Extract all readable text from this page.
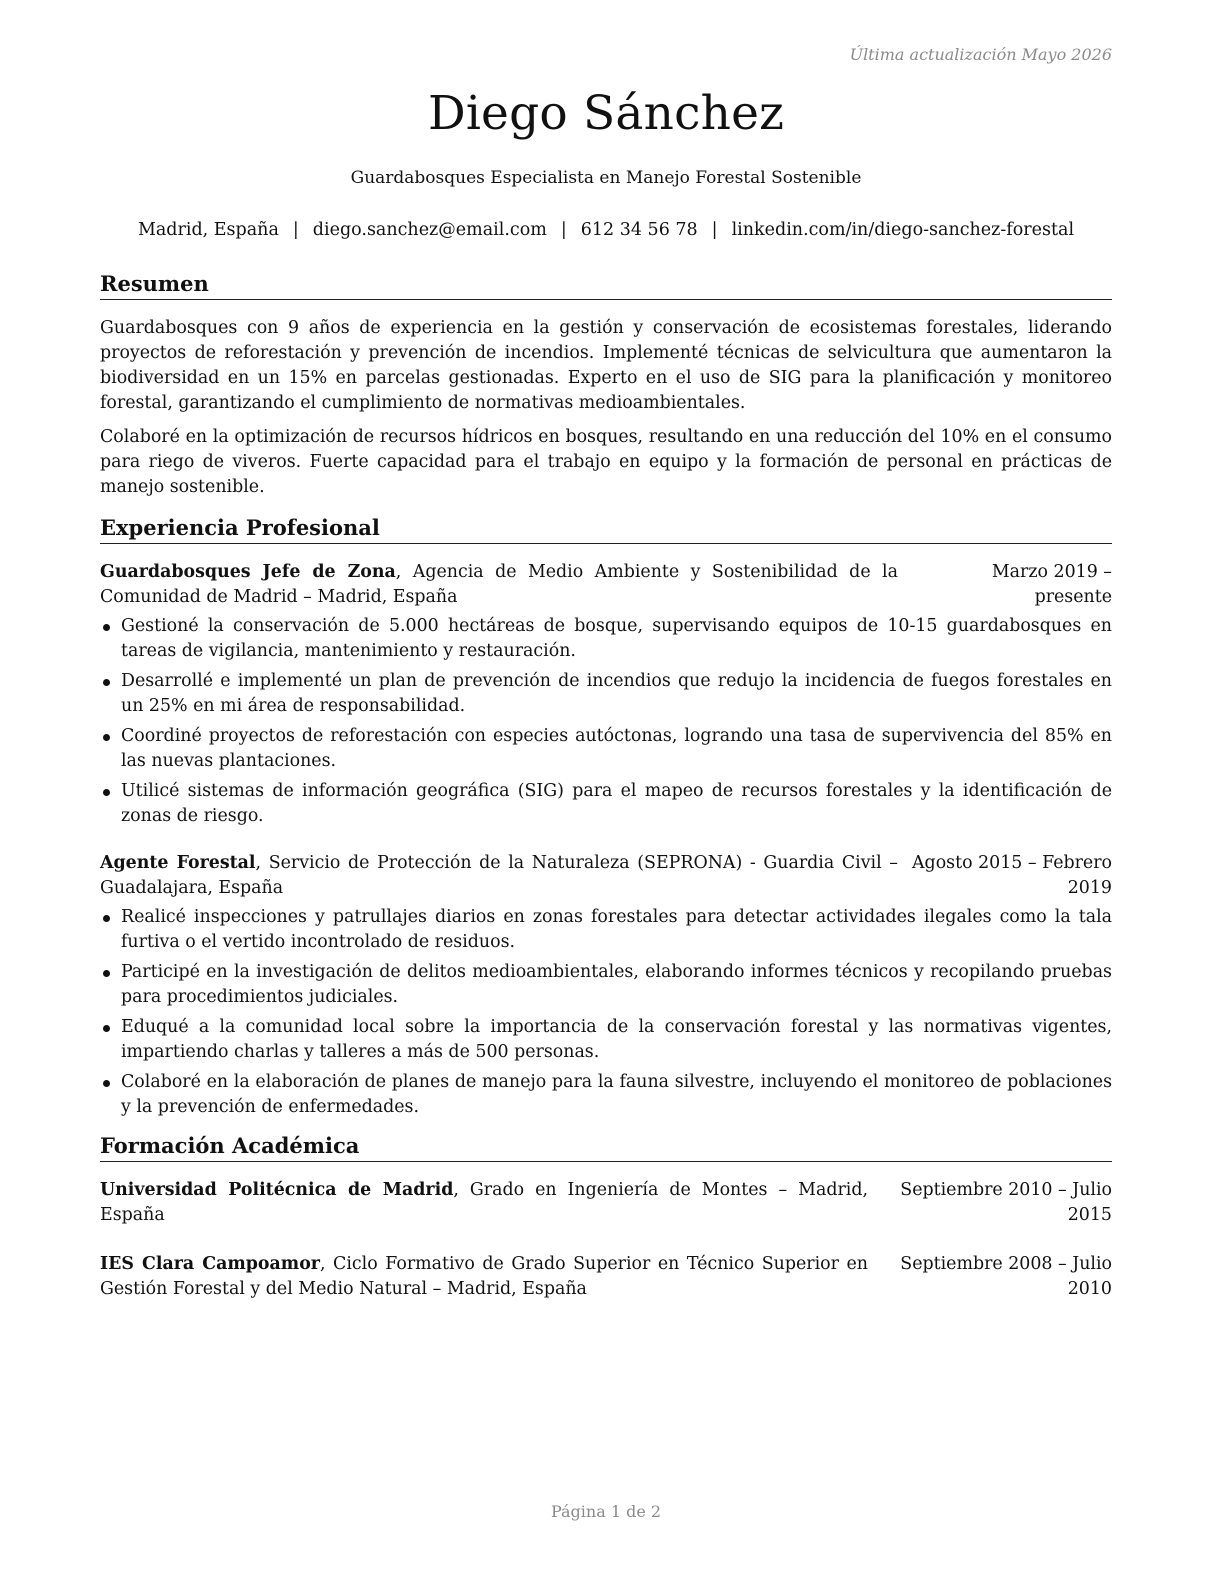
Última actualización Mayo 2026
Diego Sánchez
Guardabosques Especialista en Manejo Forestal Sostenible
Madrid, España | diego.sanchez@email.com | 612 34 56 78 | linkedin.com/in/diego-sanchez-forestal
Resumen

Guardabosques con 9 años de experiencia en la gestión y conservación de ecosistemas forestales, liderando proyectos de reforestación y prevención de incendios. Implementé técnicas de selvicultura que aumentaron la biodiversidad en un 15% en parcelas gestionadas. Experto en el uso de SIG para la planificación y monitoreo forestal, garantizando el cumplimiento de normativas medioambientales.

Colaboré en la optimización de recursos hídricos en bosques, resultando en una reducción del 10% en el consumo para riego de viveros. Fuerte capacidad para el trabajo en equipo y la formación de personal en prácticas de manejo sostenible.

Experiencia Profesional
Guardabosques Jefe de Zona, Agencia de Medio Ambiente y Sostenibilidad de la Comunidad de Madrid – Madrid, España
Marzo 2019 – presente
Gestioné la conservación de 5.000 hectáreas de bosque, supervisando equipos de 10-15 guardabosques en tareas de vigilancia, mantenimiento y restauración.
Desarrollé e implementé un plan de prevención de incendios que redujo la incidencia de fuegos forestales en un 25% en mi área de responsabilidad.
Coordiné proyectos de reforestación con especies autóctonas, logrando una tasa de supervivencia del 85% en las nuevas plantaciones.
Utilicé sistemas de información geográfica (SIG) para el mapeo de recursos forestales y la identificación de zonas de riesgo.
Agente Forestal, Servicio de Protección de la Naturaleza (SEPRONA) - Guardia Civil – Guadalajara, España
Agosto 2015 – Febrero 2019
Realicé inspecciones y patrullajes diarios en zonas forestales para detectar actividades ilegales como la tala furtiva o el vertido incontrolado de residuos.
Participé en la investigación de delitos medioambientales, elaborando informes técnicos y recopilando pruebas para procedimientos judiciales.
Eduqué a la comunidad local sobre la importancia de la conservación forestal y las normativas vigentes, impartiendo charlas y talleres a más de 500 personas.
Colaboré en la elaboración de planes de manejo para la fauna silvestre, incluyendo el monitoreo de poblaciones y la prevención de enfermedades.
Formación Académica
Universidad Politécnica de Madrid, Grado en Ingeniería de Montes – Madrid, España
Septiembre 2010 – Julio 2015
IES Clara Campoamor, Ciclo Formativo de Grado Superior en Técnico Superior en Gestión Forestal y del Medio Natural – Madrid, España
Septiembre 2008 – Julio 2010
Página 1 de 2
